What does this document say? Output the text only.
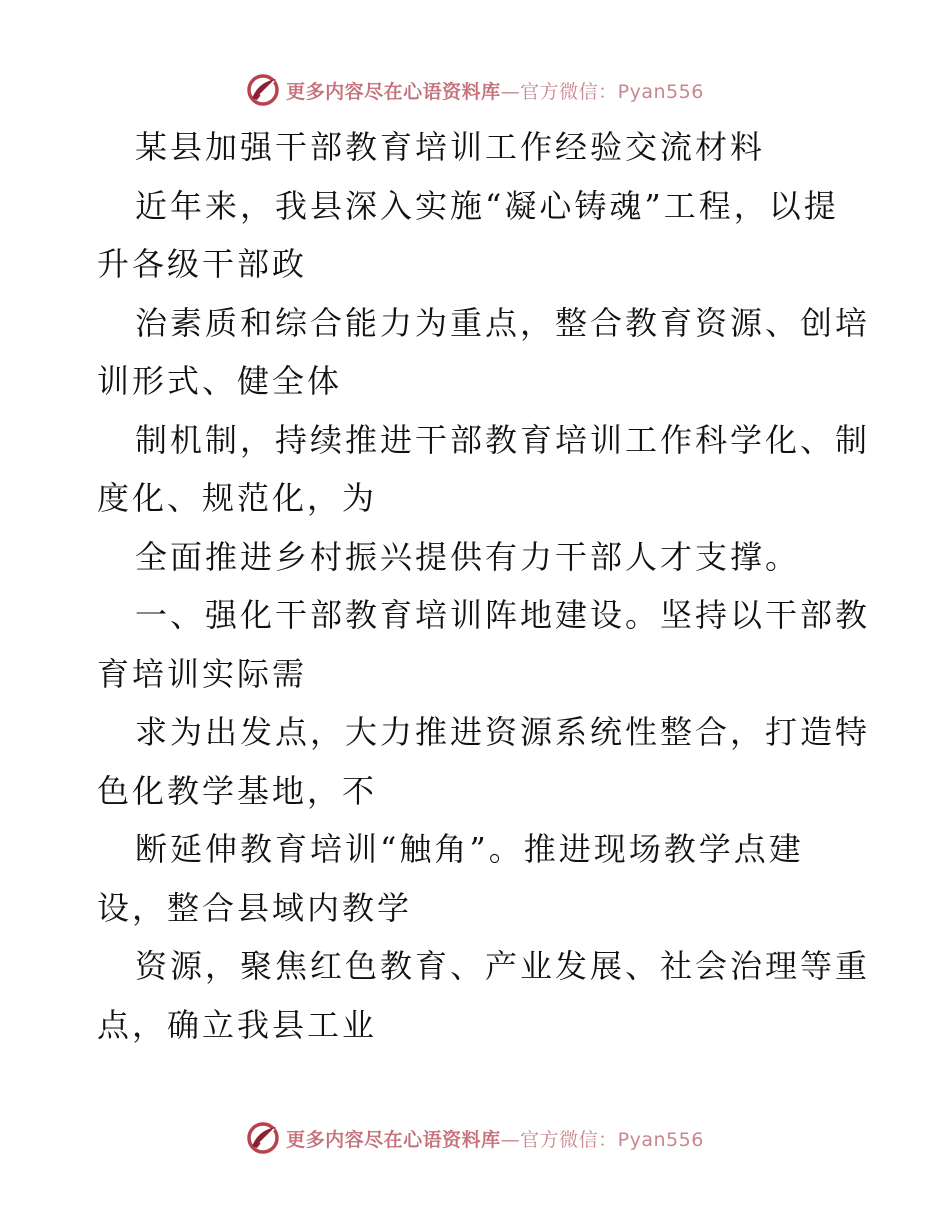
更多内容尽在心语资料库—官方微信：Pyan556
某县加强干部教育培训工作经验交流材料
近年来，我县深入实施“凝心铸魂”工程，以提
升各级干部政
治素质和综合能力为重点，整合教育资源、创培
训形式、健全体
制机制，持续推进干部教育培训工作科学化、制
度化、规范化，为
全面推进乡村振兴提供有力干部人才支撑。
一、强化干部教育培训阵地建设。坚持以干部教
育培训实际需
求为出发点，大力推进资源系统性整合，打造特
色化教学基地，不
断延伸教育培训“触角”。推进现场教学点建
设，整合县域内教学
资源，聚焦红色教育、产业发展、社会治理等重
点，确立我县工业
更多内容尽在心语资料库—官方微信：Pyan556
